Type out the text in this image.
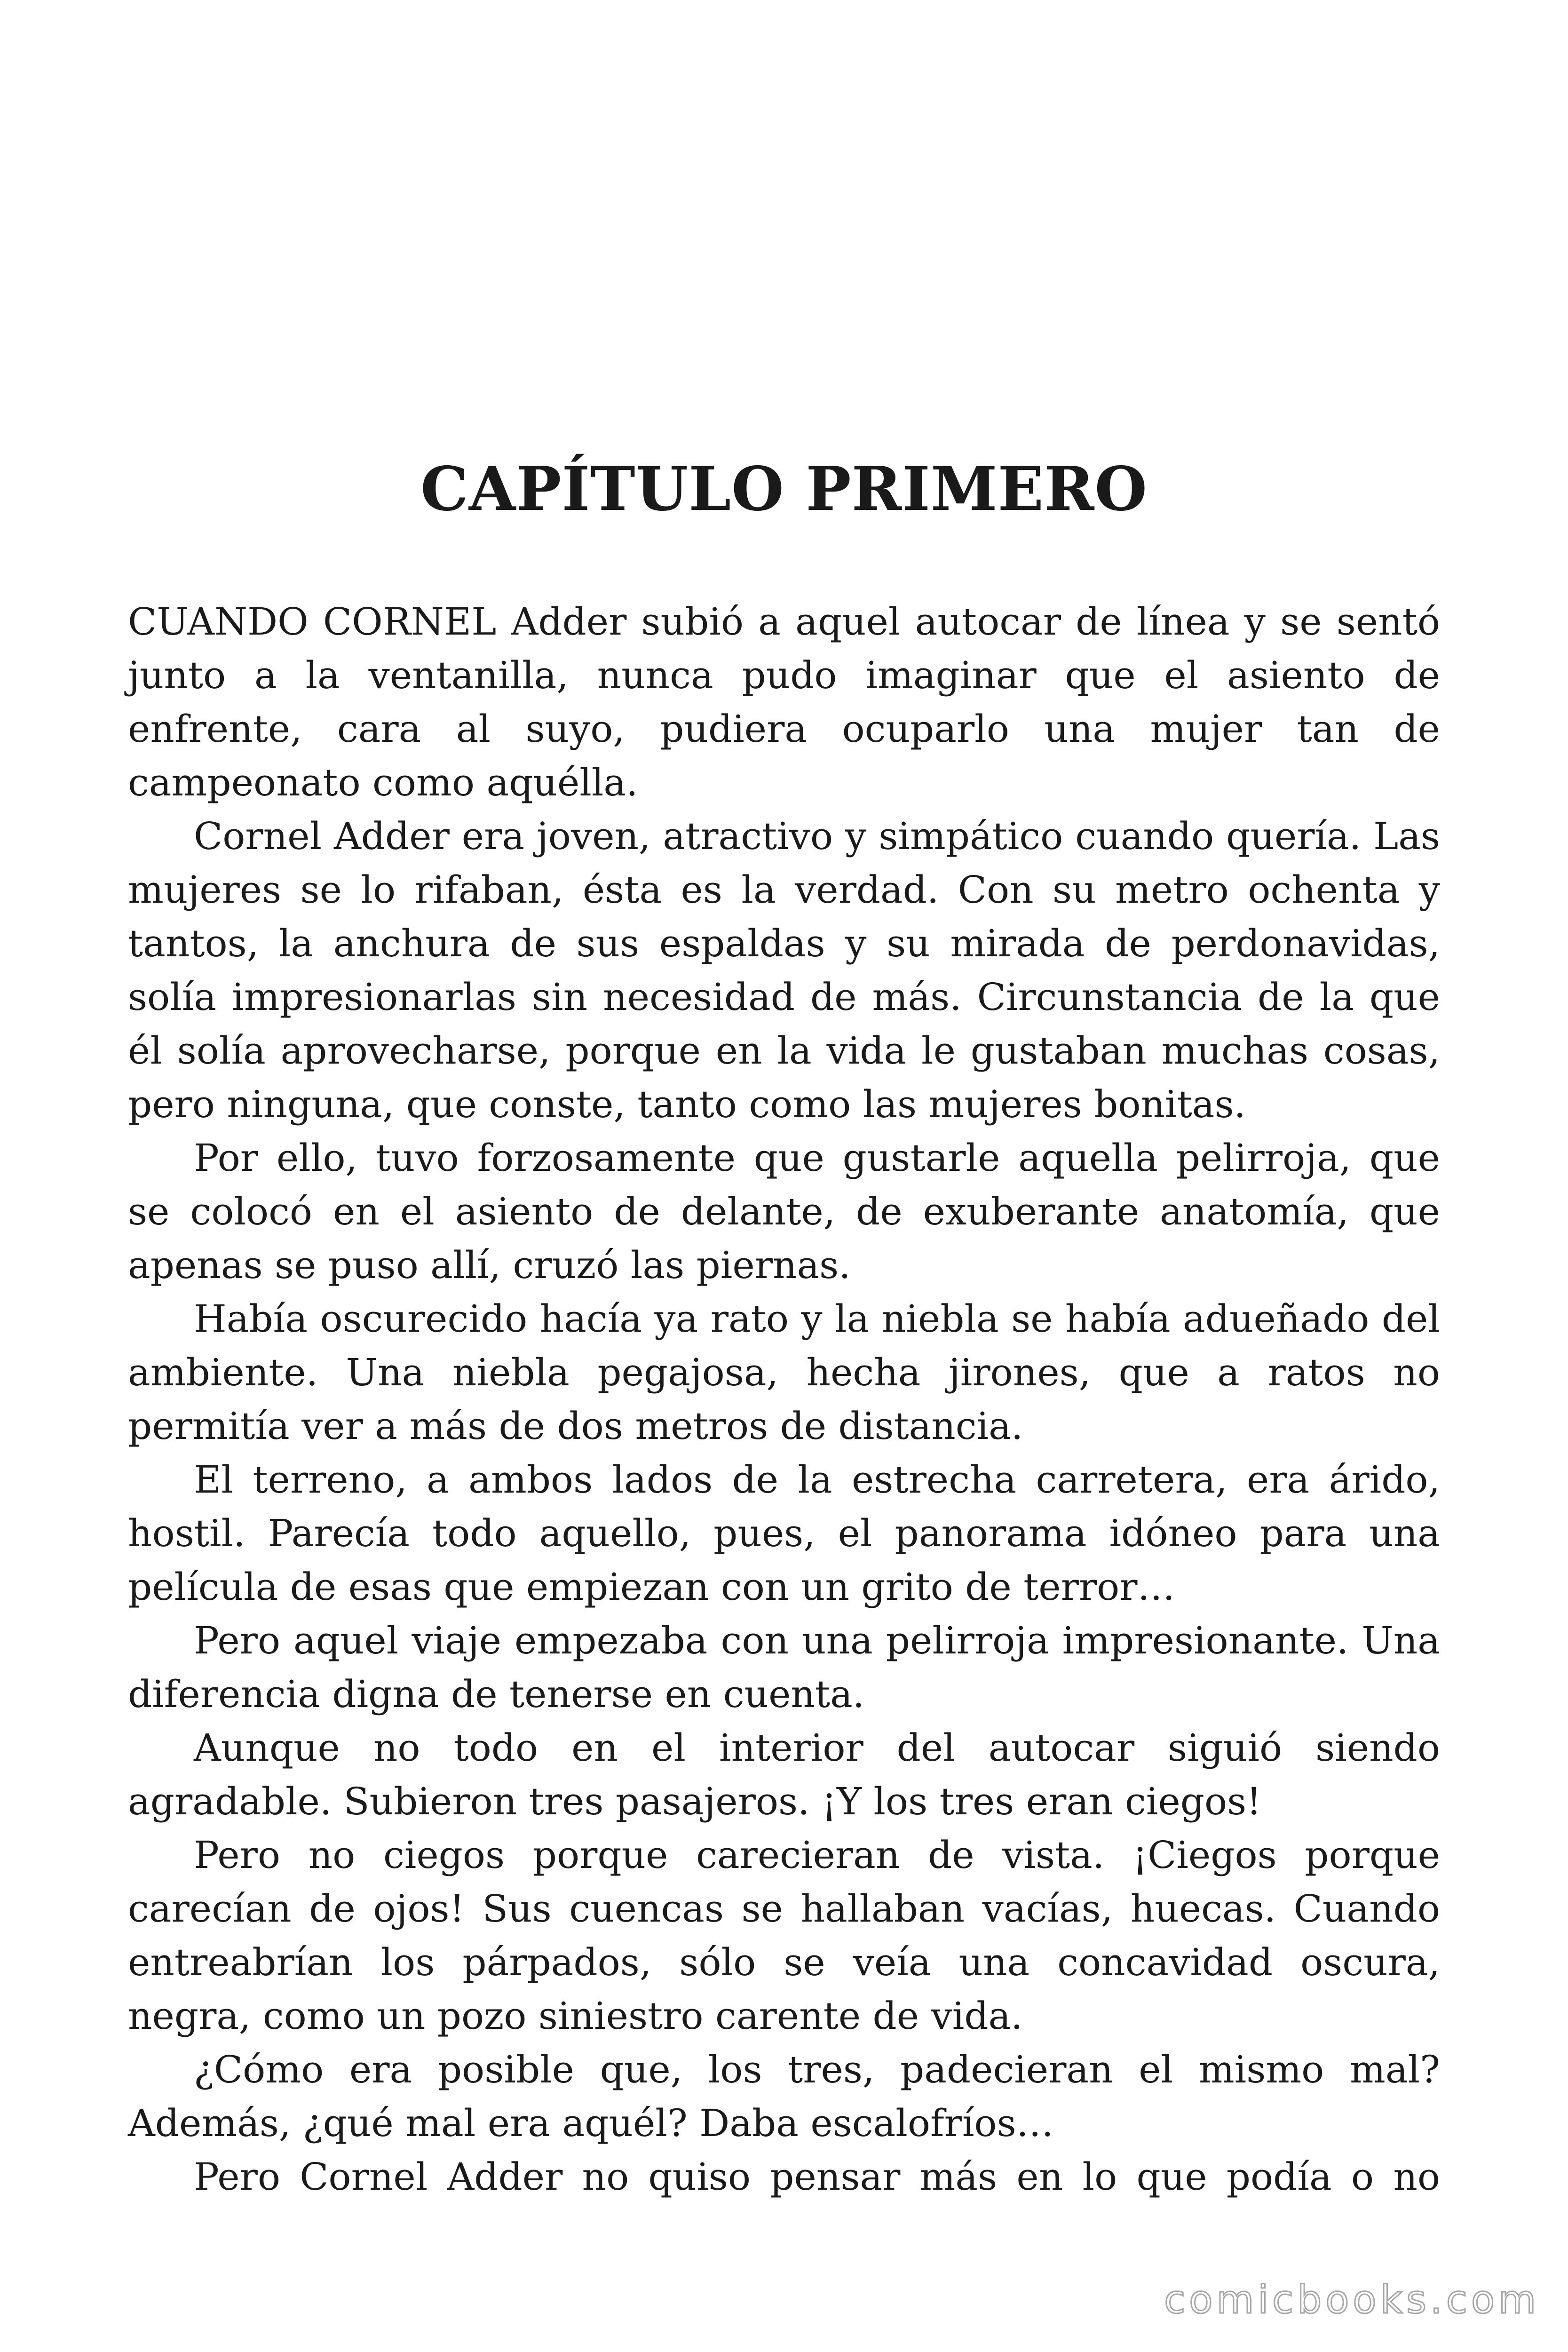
CAPÍTULO PRIMERO

CUANDO CORNEL Adder subió a aquel autocar de línea y se sentó junto a la ventanilla, nunca pudo imaginar que el asiento de enfrente, cara al suyo, pudiera ocuparlo una mujer tan de campeonato como aquélla.

Cornel Adder era joven, atractivo y simpático cuando quería. Las mujeres se lo rifaban, ésta es la verdad. Con su metro ochenta y tantos, la anchura de sus espaldas y su mirada de perdonavidas, solía impresionarlas sin necesidad de más. Circunstancia de la que él solía aprovecharse, porque en la vida le gustaban muchas cosas, pero ninguna, que conste, tanto como las mujeres bonitas.

Por ello, tuvo forzosamente que gustarle aquella pelirroja, que se colocó en el asiento de delante, de exuberante anatomía, que apenas se puso allí, cruzó las piernas.

Había oscurecido hacía ya rato y la niebla se había adueñado del ambiente. Una niebla pegajosa, hecha jirones, que a ratos no permitía ver a más de dos metros de distancia.

El terreno, a ambos lados de la estrecha carretera, era árido, hostil. Parecía todo aquello, pues, el panorama idóneo para una película de esas que empiezan con un grito de terror…

Pero aquel viaje empezaba con una pelirroja impresionante. Una diferencia digna de tenerse en cuenta.

Aunque no todo en el interior del autocar siguió siendo agradable. Subieron tres pasajeros. ¡Y los tres eran ciegos!

Pero no ciegos porque carecieran de vista. ¡Ciegos porque carecían de ojos! Sus cuencas se hallaban vacías, huecas. Cuando entreabrían los párpados, sólo se veía una concavidad oscura, negra, como un pozo siniestro carente de vida.

¿Cómo era posible que, los tres, padecieran el mismo mal? Además, ¿qué mal era aquél? Daba escalofríos…

Pero Cornel Adder no quiso pensar más en lo que podía o no

comicbooks.com
